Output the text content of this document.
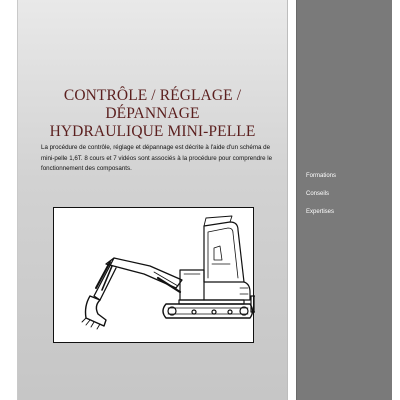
CONTRÔLE / RÉGLAGE / DÉPANNAGE
HYDRAULIQUE MINI-PELLE

La procédure de contrôle, réglage et dépannage est décrite à l'aide d'un schéma de mini-pelle 1,6T. 8 cours et 7 vidéos sont associés à la procédure pour comprendre le fonctionnement des composants.

Formations
Conseils
Expertises
